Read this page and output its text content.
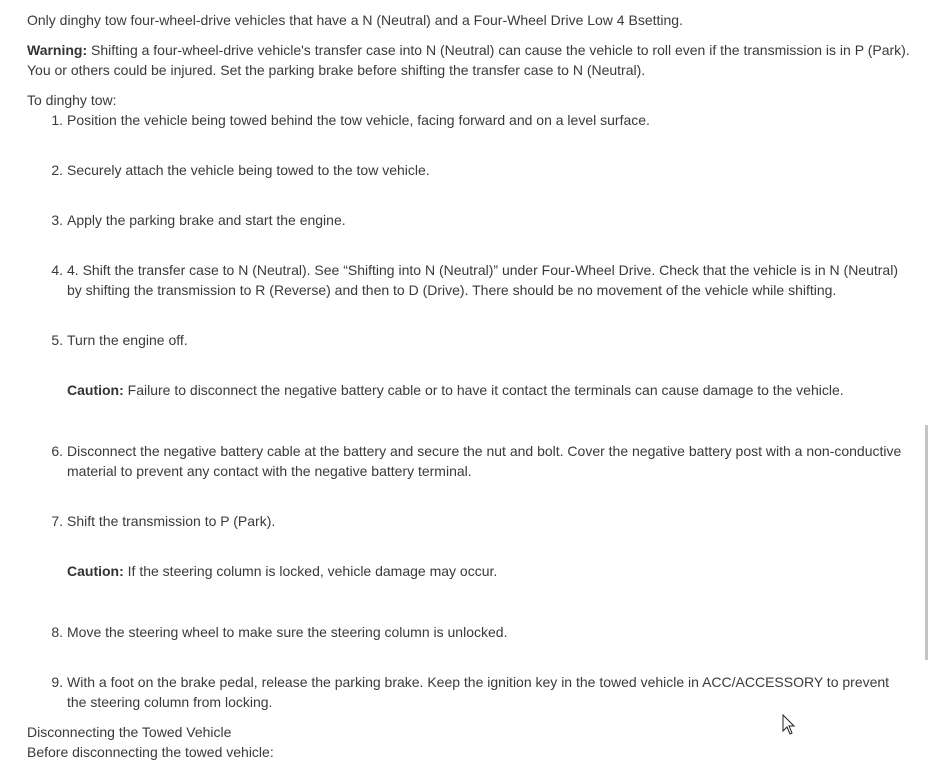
Only dinghy tow four-wheel-drive vehicles that have a N (Neutral) and a Four-Wheel Drive Low 4 Bsetting.

Warning: Shifting a four-wheel-drive vehicle's transfer case into N (Neutral) can cause the vehicle to roll even if the transmission is in P (Park). You or others could be injured. Set the parking brake before shifting the transfer case to N (Neutral).

To dinghy tow:

1. Position the vehicle being towed behind the tow vehicle, facing forward and on a level surface.
2. Securely attach the vehicle being towed to the tow vehicle.
3. Apply the parking brake and start the engine.
4. 4. Shift the transfer case to N (Neutral). See “Shifting into N (Neutral)” under Four-Wheel Drive. Check that the vehicle is in N (Neutral) by shifting the transmission to R (Reverse) and then to D (Drive). There should be no movement of the vehicle while shifting.
5. Turn the engine off.
Caution: Failure to disconnect the negative battery cable or to have it contact the terminals can cause damage to the vehicle.
6. Disconnect the negative battery cable at the battery and secure the nut and bolt. Cover the negative battery post with a non-conductive material to prevent any contact with the negative battery terminal.
7. Shift the transmission to P (Park).
Caution: If the steering column is locked, vehicle damage may occur.
8. Move the steering wheel to make sure the steering column is unlocked.
9. With a foot on the brake pedal, release the parking brake. Keep the ignition key in the towed vehicle in ACC/ACCESSORY to prevent the steering column from locking.
Disconnecting the Towed Vehicle
Before disconnecting the towed vehicle:
